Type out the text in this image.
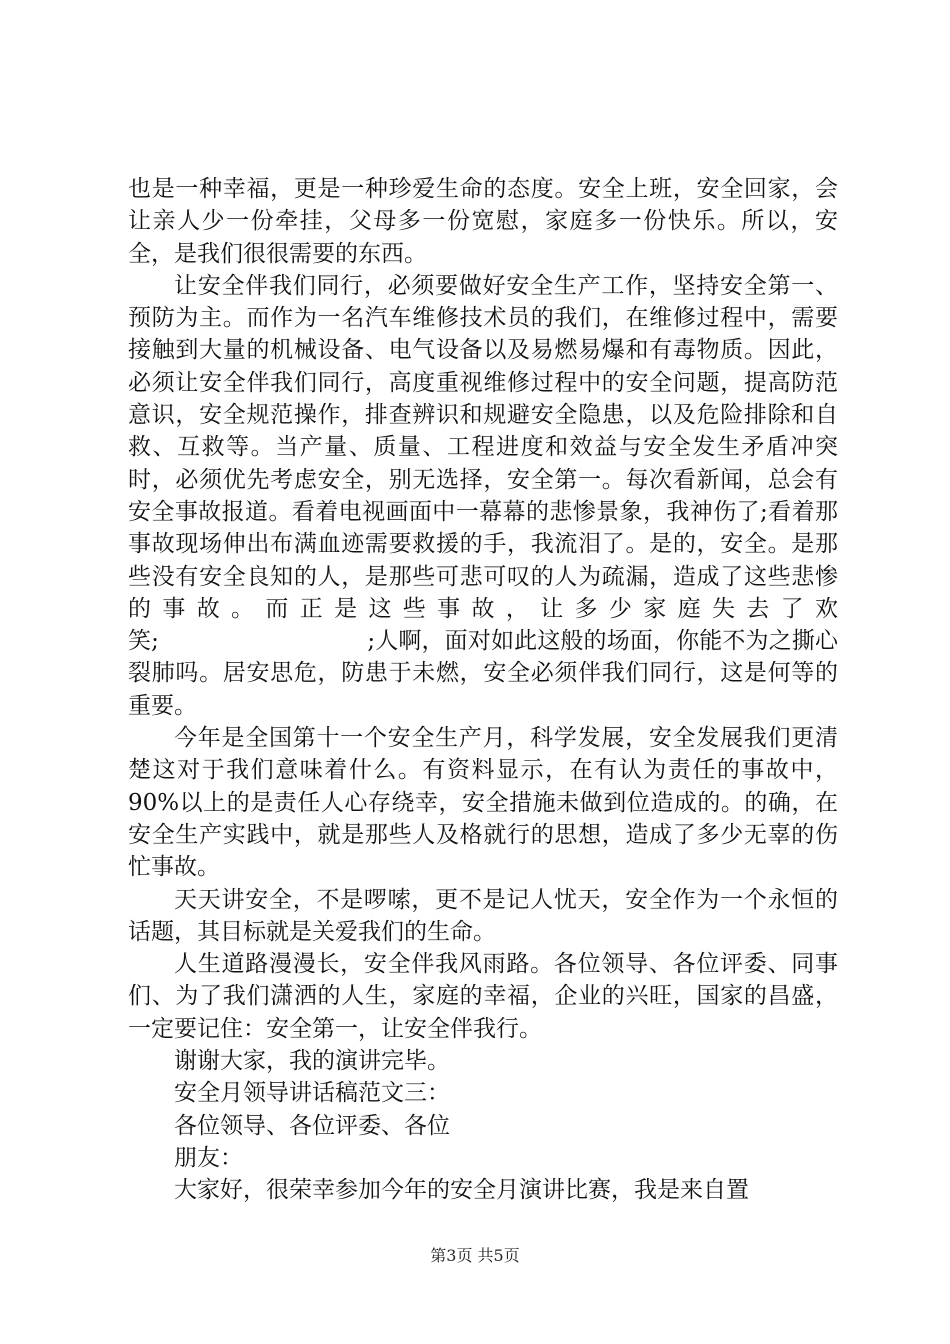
也是一种幸福，更是一种珍爱生命的态度。安全上班，安全回家，会让亲人少一份牵挂，父母多一份宽慰，家庭多一份快乐。所以，安全，是我们很很需要的东西。

让安全伴我们同行，必须要做好安全生产工作，坚持安全第一、预防为主。而作为一名汽车维修技术员的我们，在维修过程中，需要接触到大量的机械设备、电气设备以及易燃易爆和有毒物质。因此，必须让安全伴我们同行，高度重视维修过程中的安全问题，提高防范意识，安全规范操作，排查辨识和规避安全隐患，以及危险排除和自救、互救等。当产量、质量、工程进度和效益与安全发生矛盾冲突时，必须优先考虑安全，别无选择，安全第一。每次看新闻，总会有安全事故报道。看着电视画面中一幕幕的悲惨景象，我神伤了;看着那事故现场伸出布满血迹需要救援的手，我流泪了。是的，安全。是那些没有安全良知的人，是那些可悲可叹的人为疏漏，造成了这些悲惨的事故。而正是这些事故，让多少家庭失去了欢笑;　　　　　　　　　;人啊，面对如此这般的场面，你能不为之撕心裂肺吗。居安思危，防患于未燃，安全必须伴我们同行，这是何等的重要。

今年是全国第十一个安全生产月，科学发展，安全发展我们更清楚这对于我们意味着什么。有资料显示，在有认为责任的事故中，90%以上的是责任人心存绕幸，安全措施未做到位造成的。的确，在安全生产实践中，就是那些人及格就行的思想，造成了多少无辜的伤忙事故。

天天讲安全，不是啰嗦，更不是记人忧天，安全作为一个永恒的话题，其目标就是关爱我们的生命。

人生道路漫漫长，安全伴我风雨路。各位领导、各位评委、同事们、为了我们潇洒的人生，家庭的幸福，企业的兴旺，国家的昌盛，一定要记住：安全第一，让安全伴我行。

谢谢大家，我的演讲完毕。

安全月领导讲话稿范文三：

各位领导、各位评委、各位

朋友：

大家好，很荣幸参加今年的安全月演讲比赛，我是来自置

第3页 共5页
